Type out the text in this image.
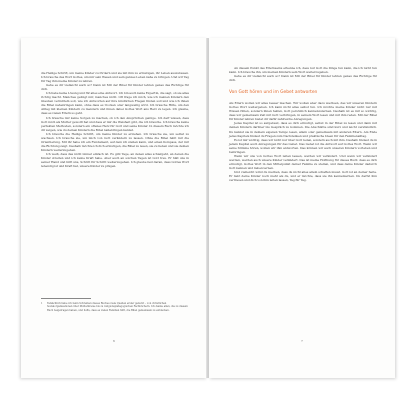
die Heilige Schrift, um meine Kinder zu fördern und sie mit ihm zu ermutigen, ihr Leben auszubauen. Ich brauche das Wort Gottes, um mir sein Wesen und sein ganzes Leben nahe zu bringen. Und wir Tag für Tag ihm meine Kinder zu lehren.

Gehe es dir vielleicht auch so? Dann ist Mit der Bibel für Kinder lehren genau das Richtige für dich.

Ich habe keine Lösung und für alles eine Antwort. Ich bin auch keine Expertin, die sagt, ob sie alles richtig macht. Manches gelingt mir, manches nicht. Oft frage ich mich, wie ich meinen Kindern den Glauben vermitteln soll, wie ich Antworten auf ihre kindlichen Fragen finden soll und wie ich ihnen die Bibel nahebringen kann, ohne dass es trocken oder langweilig wird. Ich brauche Hilfe, um den Alltag mit kleinen Kindern zu meistern und ihnen dabei Gottes Wort ans Herz zu legen. Ich glaube, dass es vielen Eltern so geht.

Ich brauche mir keine Sorgen zu machen, ob ich den Ansprüchen genüge. Ich darf wissen, dass Gott mich als Mutter gewollt hat und dass er mir die Weisheit gibt, die ich brauche. Ich brauche keine perfekten Methoden, sondern ein offenes Herz für Gott und seine Kinder. In diesem Buch möchte ich dir zeigen, wie du deinen Kindern die Bibel nahebringen kannst.

Ich brauche die Heilige Schrift, um meine Kinder zu erziehen. Ich brauche sie, um selbst zu wachsen. Ich brauche sie, um mich von Gott verändern zu lassen. Ohne die Bibel fehlt mir die Orientierung. Mit ihr habe ich ein Fundament, auf dem ich stehen kann, und einen Kompass, der mir die Richtung zeigt. Deshalb möchte ich dich ermutigen, die Bibel zu lesen, sie zu lieben und sie deinen Kindern weiterzugeben.

Ich weiß, dass das nicht immer einfach ist. Es gibt Tage, an denen alles schiefgeht, an denen die Kinder streiten und ich keine Kraft habe. Aber auch an solchen Tagen ist Gott treu. Er hält uns in seiner Hand und hilft uns, Schritt für Schritt weiterzugehen. Ich glaube fest daran, dass Gottes Wort lebendig ist und Kraft hat, unsere Kinder zu prägen.

1 Tatsächlich habe ich beim Schreiben dieses Buches viele Quellen erster genutzt – von christlichen Sozialorganisationen über Mutterkreise bis zu religionspädagogischen Fachbüchern. Ich danke allen, die zu diesem Buch beigetragen haben, und hoffe, dass es vielen Familien hilft, die Bibel gemeinsam zu entdecken.
6

An diesem Punkt des Elternseins erkenne ich, dass nur Gott die Dinge tun kann, die ich nicht tun kann. Ich brauche ihn, um meinen Kindern sein Wort weiterzugeben.

Gehe es dir vielleicht auch so? Dann ist Mit der Bibel für Kinder lehren genau das Richtige für dich.

Von Gott hören und im Gebet antworten

Als Eltern wollen wir alles besser machen. Wir wollen aber dazu wachsen, das wir unseren Kindern Gottes Wort weitergeben. Ich kann nicht alles selbst tun. Ich möchte meine Kinder nicht nur mit Wissen füllen, sondern ihnen helfen, Gott persönlich kennenzulernen. Deshalb ist es mir so wichtig, dass wir gemeinsam Zeit mit Gott verbringen, in seinem Wort lesen und mit ihm reden. Mit der Bibel für Kinder lehren bietet dir dafür zahlreiche Anregungen.

Jedes Kapitel ist so aufgebaut, dass es dich ermutigt, selbst in der Bibel zu lesen und dann mit deinen Kindern darüber ins Gespräch zu kommen. Die Abschnitte sind kurz und leicht verständlich. Du kannst sie in deinem eigenen Tempo lesen, allein oder gemeinsam mit anderen Eltern. Am Ende jedes Kapitels findest du Fragen zum Nachdenken und praktische Ideen für den Familienalltag.

Es ist mir wichtig, dass wir nicht nur über Gott reden, sondern auch mit ihm. Deshalb findest du in jedem Kapitel auch Anregungen für das Gebet. Das Gebet ist die Antwort auf Gottes Wort. Wenn wir seine Stimme hören, wollen wir ihm antworten. Das können wir auch unseren Kindern vorleben und beibringen.

Wenn wir uns von Gottes Wort leiten lassen, werden wir verändert. Und wenn wir verändert werden, werden auch unsere Kinder verändert. Das ist meine Hoffnung für dieses Buch: dass es dich ermutigt, Gottes Wort in den Mittelpunkt deiner Familie zu stellen, und dass deine Kinder dadurch Gott kennen und lieben lernen.

Und vielleicht wirst du merken, dass du nicht alles allein schaffen musst. Gott ist an deiner Seite. Er liebt deine Kinder noch mehr als du, und er möchte, dass sie ihn kennenlernen. Du darfst ihm vertrauen und dich von ihm leiten lassen, Tag für Tag.

7
